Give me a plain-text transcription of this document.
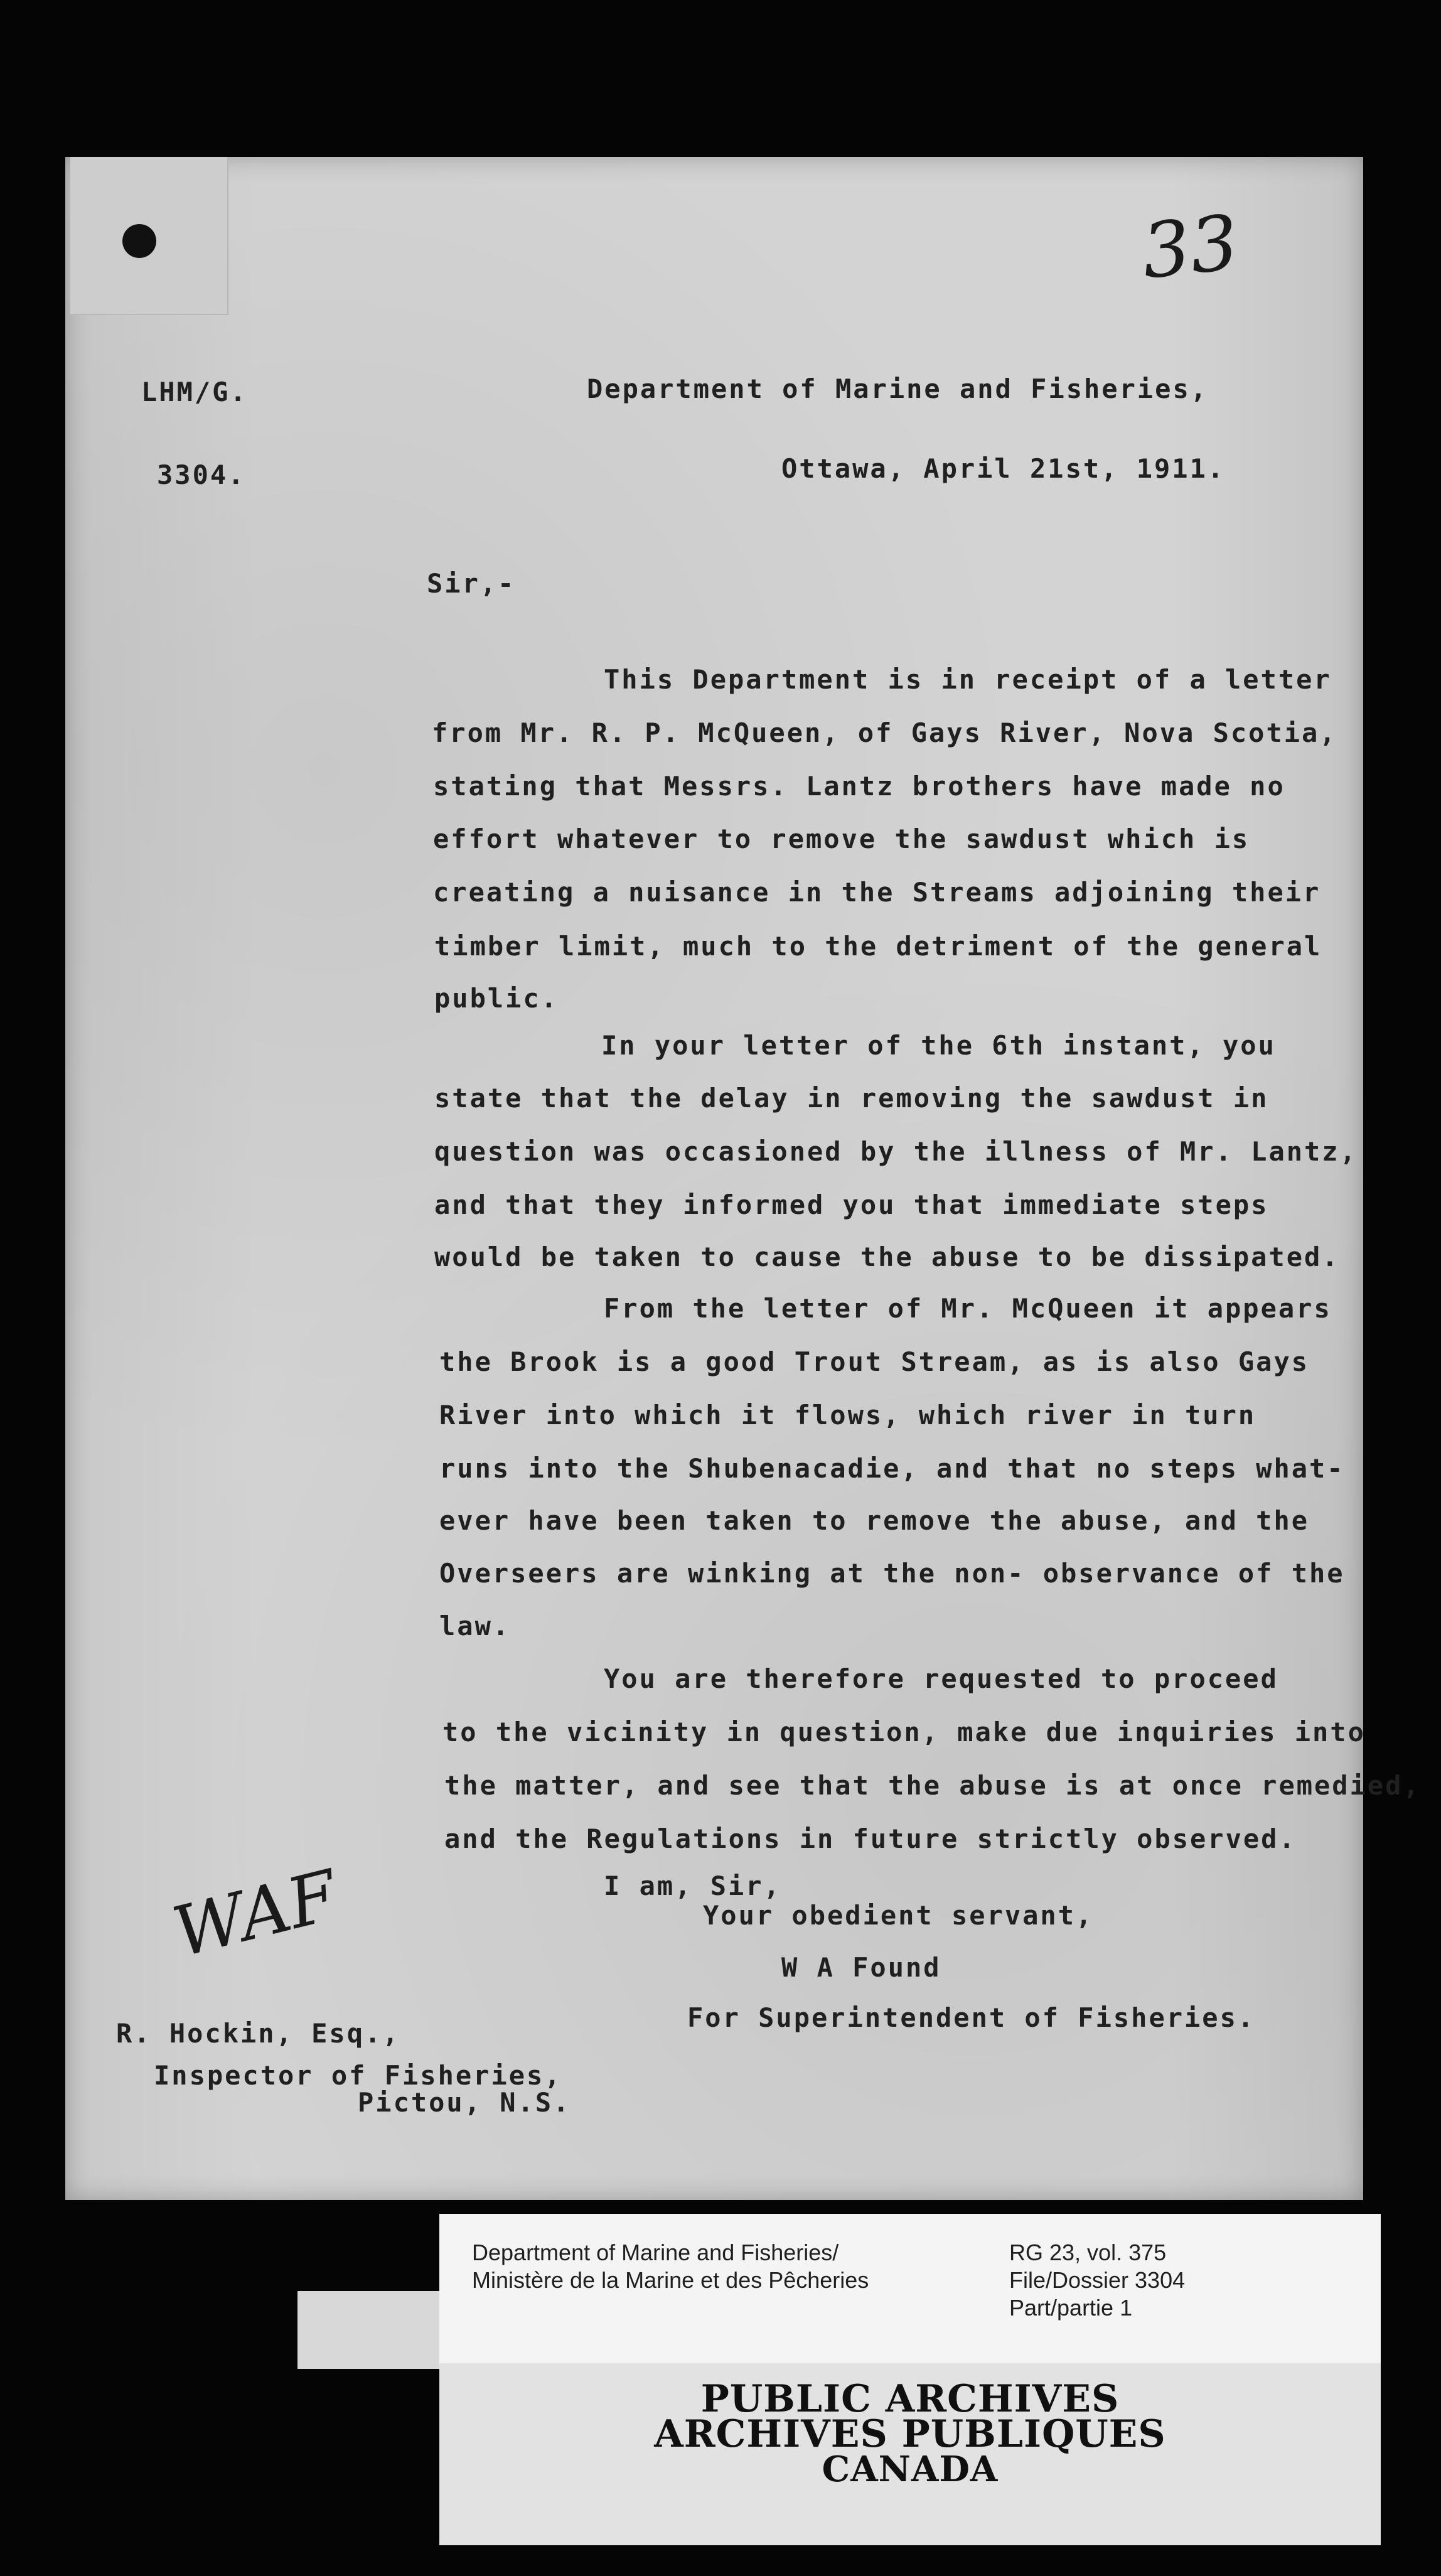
33
LHM/G.	Department of Marine and Fisheries,
3304.	Ottawa, April 21st, 1911.
Sir,-
This Department is in receipt of a letter
from Mr. R. P. McQueen, of Gays River, Nova Scotia,
stating that Messrs. Lantz brothers have made no
effort whatever to remove the sawdust which is
creating a nuisance in the Streams adjoining their
timber limit, much to the detriment of the general
public.
In your letter of the 6th instant, you
state that the delay in removing the sawdust in
question was occasioned by the illness of Mr. Lantz,
and that they informed you that immediate steps
would be taken to cause the abuse to be dissipated.
From the letter of Mr. McQueen it appears
the Brook is a good Trout Stream, as is also Gays
River into which it flows, which river in turn
runs into the Shubenacadie, and that no steps what-
ever have been taken to remove the abuse, and the
Overseers are winking at the non- observance of the
law.
You are therefore requested to proceed
to the vicinity in question, make due inquiries into
the matter, and see that the abuse is at once remedied,
and the Regulations in future strictly observed.
I am, Sir,
Your obedient servant,
W A Found
For Superintendent of Fisheries.
WAF
R. Hockin, Esq.,
Inspector of Fisheries,
Pictou, N.S.
Department of Marine and Fisheries/
Ministère de la Marine et des Pêcheries
RG 23, vol. 375
File/Dossier 3304
Part/partie 1
PUBLIC ARCHIVES
ARCHIVES PUBLIQUES
CANADA
